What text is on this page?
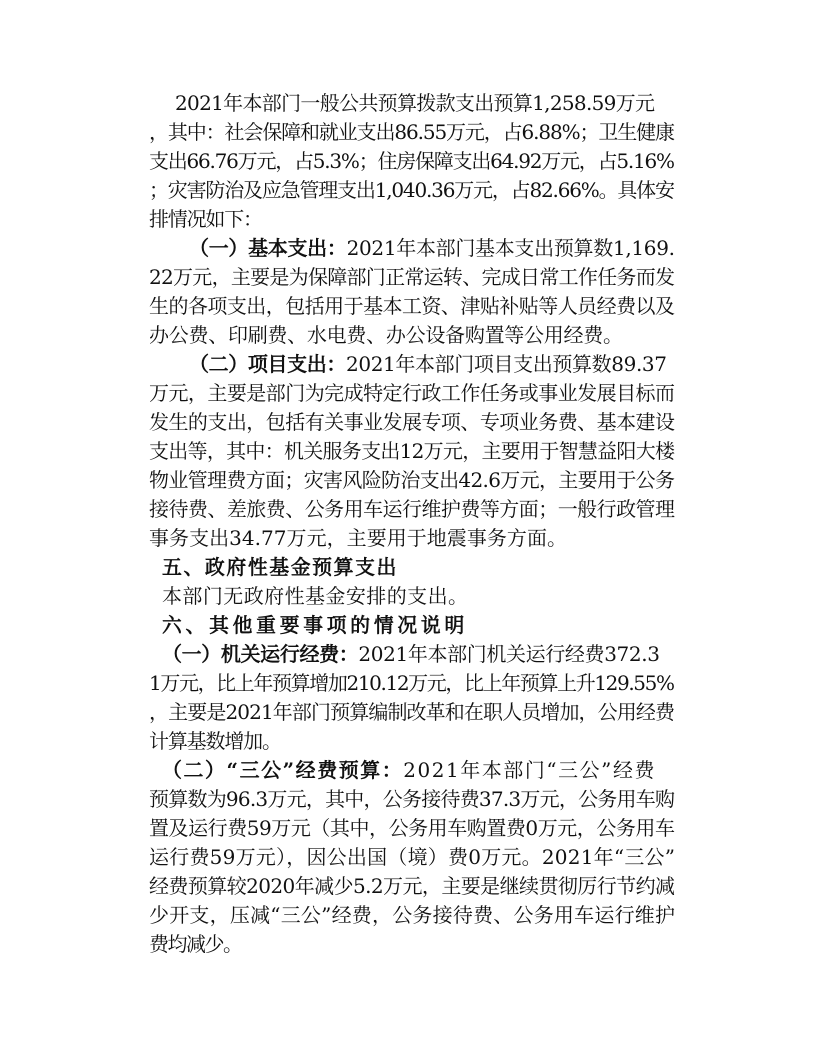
2021年本部门一般公共预算拨款支出预算1,258.59万元
，其中：社会保障和就业支出86.55万元，占6.88%；卫生健康
支出66.76万元，占5.3%；住房保障支出64.92万元，占5.16%
；灾害防治及应急管理支出1,040.36万元，占82.66%。具体安
排情况如下：
（一）基本支出：2021年本部门基本支出预算数1,169.
22万元，主要是为保障部门正常运转、完成日常工作任务而发
生的各项支出，包括用于基本工资、津贴补贴等人员经费以及
办公费、印刷费、水电费、办公设备购置等公用经费。
（二）项目支出：2021年本部门项目支出预算数89.37
万元，主要是部门为完成特定行政工作任务或事业发展目标而
发生的支出，包括有关事业发展专项、专项业务费、基本建设
支出等，其中：机关服务支出12万元，主要用于智慧益阳大楼
物业管理费方面；灾害风险防治支出42.6万元，主要用于公务
接待费、差旅费、公务用车运行维护费等方面；一般行政管理
事务支出34.77万元，主要用于地震事务方面。
五、政府性基金预算支出
本部门无政府性基金安排的支出。
六、其他重要事项的情况说明
（一）机关运行经费：2021年本部门机关运行经费372.3
1万元，比上年预算增加210.12万元，比上年预算上升129.55%
，主要是2021年部门预算编制改革和在职人员增加，公用经费
计算基数增加。
（二）“三公”经费预算：2021年本部门“三公”经费
预算数为96.3万元，其中，公务接待费37.3万元，公务用车购
置及运行费59万元（其中，公务用车购置费0万元，公务用车
运行费59万元），因公出国（境）费0万元。2021年“三公”
经费预算较2020年减少5.2万元，主要是继续贯彻厉行节约减
少开支，压减“三公”经费，公务接待费、公务用车运行维护
费均减少。
